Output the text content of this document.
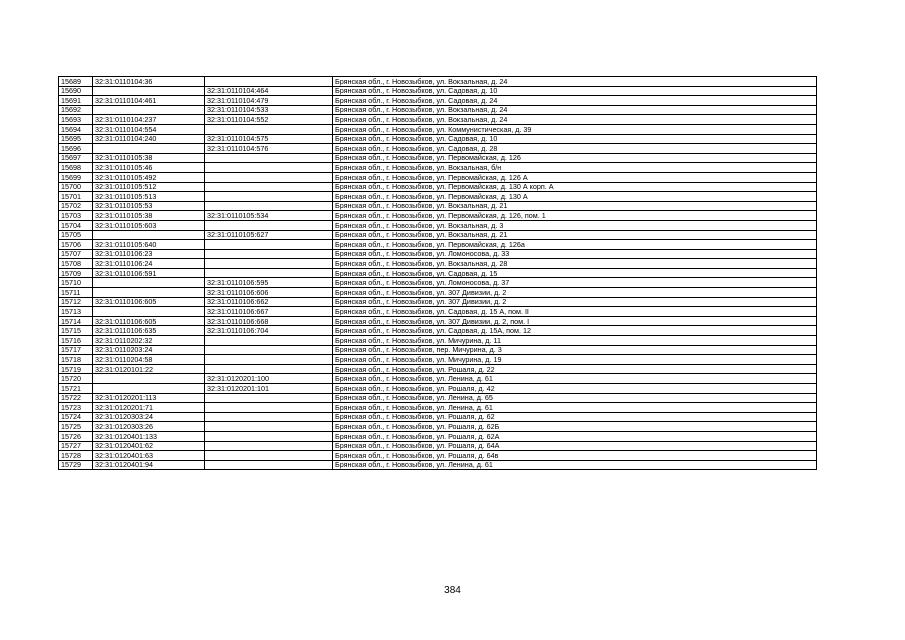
15689	32:31:0110104:36		Брянская обл., г. Новозыбков, ул. Вокзальная, д. 24
15690		32:31:0110104:464	Брянская обл., г. Новозыбков, ул. Садовая, д. 10
15691	32:31:0110104:461	32:31:0110104:479	Брянская обл., г. Новозыбков, ул. Садовая, д. 24
15692		32:31:0110104:533	Брянская обл., г. Новозыбков, ул. Вокзальная, д. 24
15693	32:31:0110104:237	32:31:0110104:552	Брянская обл., г. Новозыбков, ул. Вокзальная, д. 24
15694	32:31:0110104:554		Брянская обл., г. Новозыбков, ул. Коммунистическая, д. 39
15695	32:31:0110104:240	32:31:0110104:575	Брянская обл., г. Новозыбков, ул. Садовая, д. 10
15696		32:31:0110104:576	Брянская обл., г. Новозыбков, ул. Садовая, д. 28
15697	32:31:0110105:38		Брянская обл., г. Новозыбков, ул. Первомайская, д. 126
15698	32:31:0110105:46		Брянская обл., г. Новозыбков, ул. Вокзальная, б/н
15699	32:31:0110105:492		Брянская обл., г. Новозыбков, ул. Первомайская, д. 126 А
15700	32:31:0110105:512		Брянская обл., г. Новозыбков, ул. Первомайская, д. 130 А корп. А
15701	32:31:0110105:513		Брянская обл., г. Новозыбков, ул. Первомайская, д. 130 А
15702	32:31:0110105:53		Брянская обл., г. Новозыбков, ул. Вокзальная, д. 21
15703	32:31:0110105:38	32:31:0110105:534	Брянская обл., г. Новозыбков, ул. Первомайская, д. 126, пом. 1
15704	32:31:0110105:603		Брянская обл., г. Новозыбков, ул. Вокзальная, д. 3
15705		32:31:0110105:627	Брянская обл., г. Новозыбков, ул. Вокзальная, д. 21
15706	32:31:0110105:640		Брянская обл., г. Новозыбков, ул. Первомайская, д. 126а
15707	32:31:0110106:23		Брянская обл., г. Новозыбков, ул. Ломоносова, д. 33
15708	32:31:0110106:24		Брянская обл., г. Новозыбков, ул. Вокзальная, д. 28
15709	32:31:0110106:591		Брянская обл., г. Новозыбков, ул. Садовая, д. 15
15710		32:31:0110106:595	Брянская обл., г. Новозыбков, ул. Ломоносова, д. 37
15711		32:31:0110106:606	Брянская обл., г. Новозыбков, ул. 307 Дивизии, д. 2
15712	32:31:0110106:605	32:31:0110106:662	Брянская обл., г. Новозыбков, ул. 307 Дивизии, д. 2
15713		32:31:0110106:667	Брянская обл., г. Новозыбков, ул. Садовая, д. 15 А, пом. II
15714	32:31:0110106:605	32:31:0110106:668	Брянская обл., г. Новозыбков, ул. 307 Дивизии, д. 2, пом. I
15715	32:31:0110106:635	32:31:0110106:704	Брянская обл., г. Новозыбков, ул. Садовая, д. 15А, пом. 12
15716	32:31:0110202:32		Брянская обл., г. Новозыбков, ул. Мичурина, д. 11
15717	32:31:0110203:24		Брянская обл., г. Новозыбков, пер. Мичурина, д. 3
15718	32:31:0110204:58		Брянская обл., г. Новозыбков, ул. Мичурина, д. 19
15719	32:31:0120101:22		Брянская обл., г. Новозыбков, ул. Рошаля, д. 22
15720		32:31:0120201:100	Брянская обл., г. Новозыбков, ул. Ленина, д. 61
15721		32:31:0120201:101	Брянская обл., г. Новозыбков, ул. Рошаля, д. 42
15722	32:31:0120201:113		Брянская обл., г. Новозыбков, ул. Ленина, д. 65
15723	32:31:0120201:71		Брянская обл., г. Новозыбков, ул. Ленина, д. 61
15724	32:31:0120303:24		Брянская обл., г. Новозыбков, ул. Рошаля, д. 62
15725	32:31:0120303:26		Брянская обл., г. Новозыбков, ул. Рошаля, д. 62Б
15726	32:31:0120401:133		Брянская обл., г. Новозыбков, ул. Рошаля, д. 62А
15727	32:31:0120401:62		Брянская обл., г. Новозыбков, ул. Рошаля, д. 64А
15728	32:31:0120401:63		Брянская обл., г. Новозыбков, ул. Рошаля, д. 64в
15729	32:31:0120401:94		Брянская обл., г. Новозыбков, ул. Ленина, д. 61
384
